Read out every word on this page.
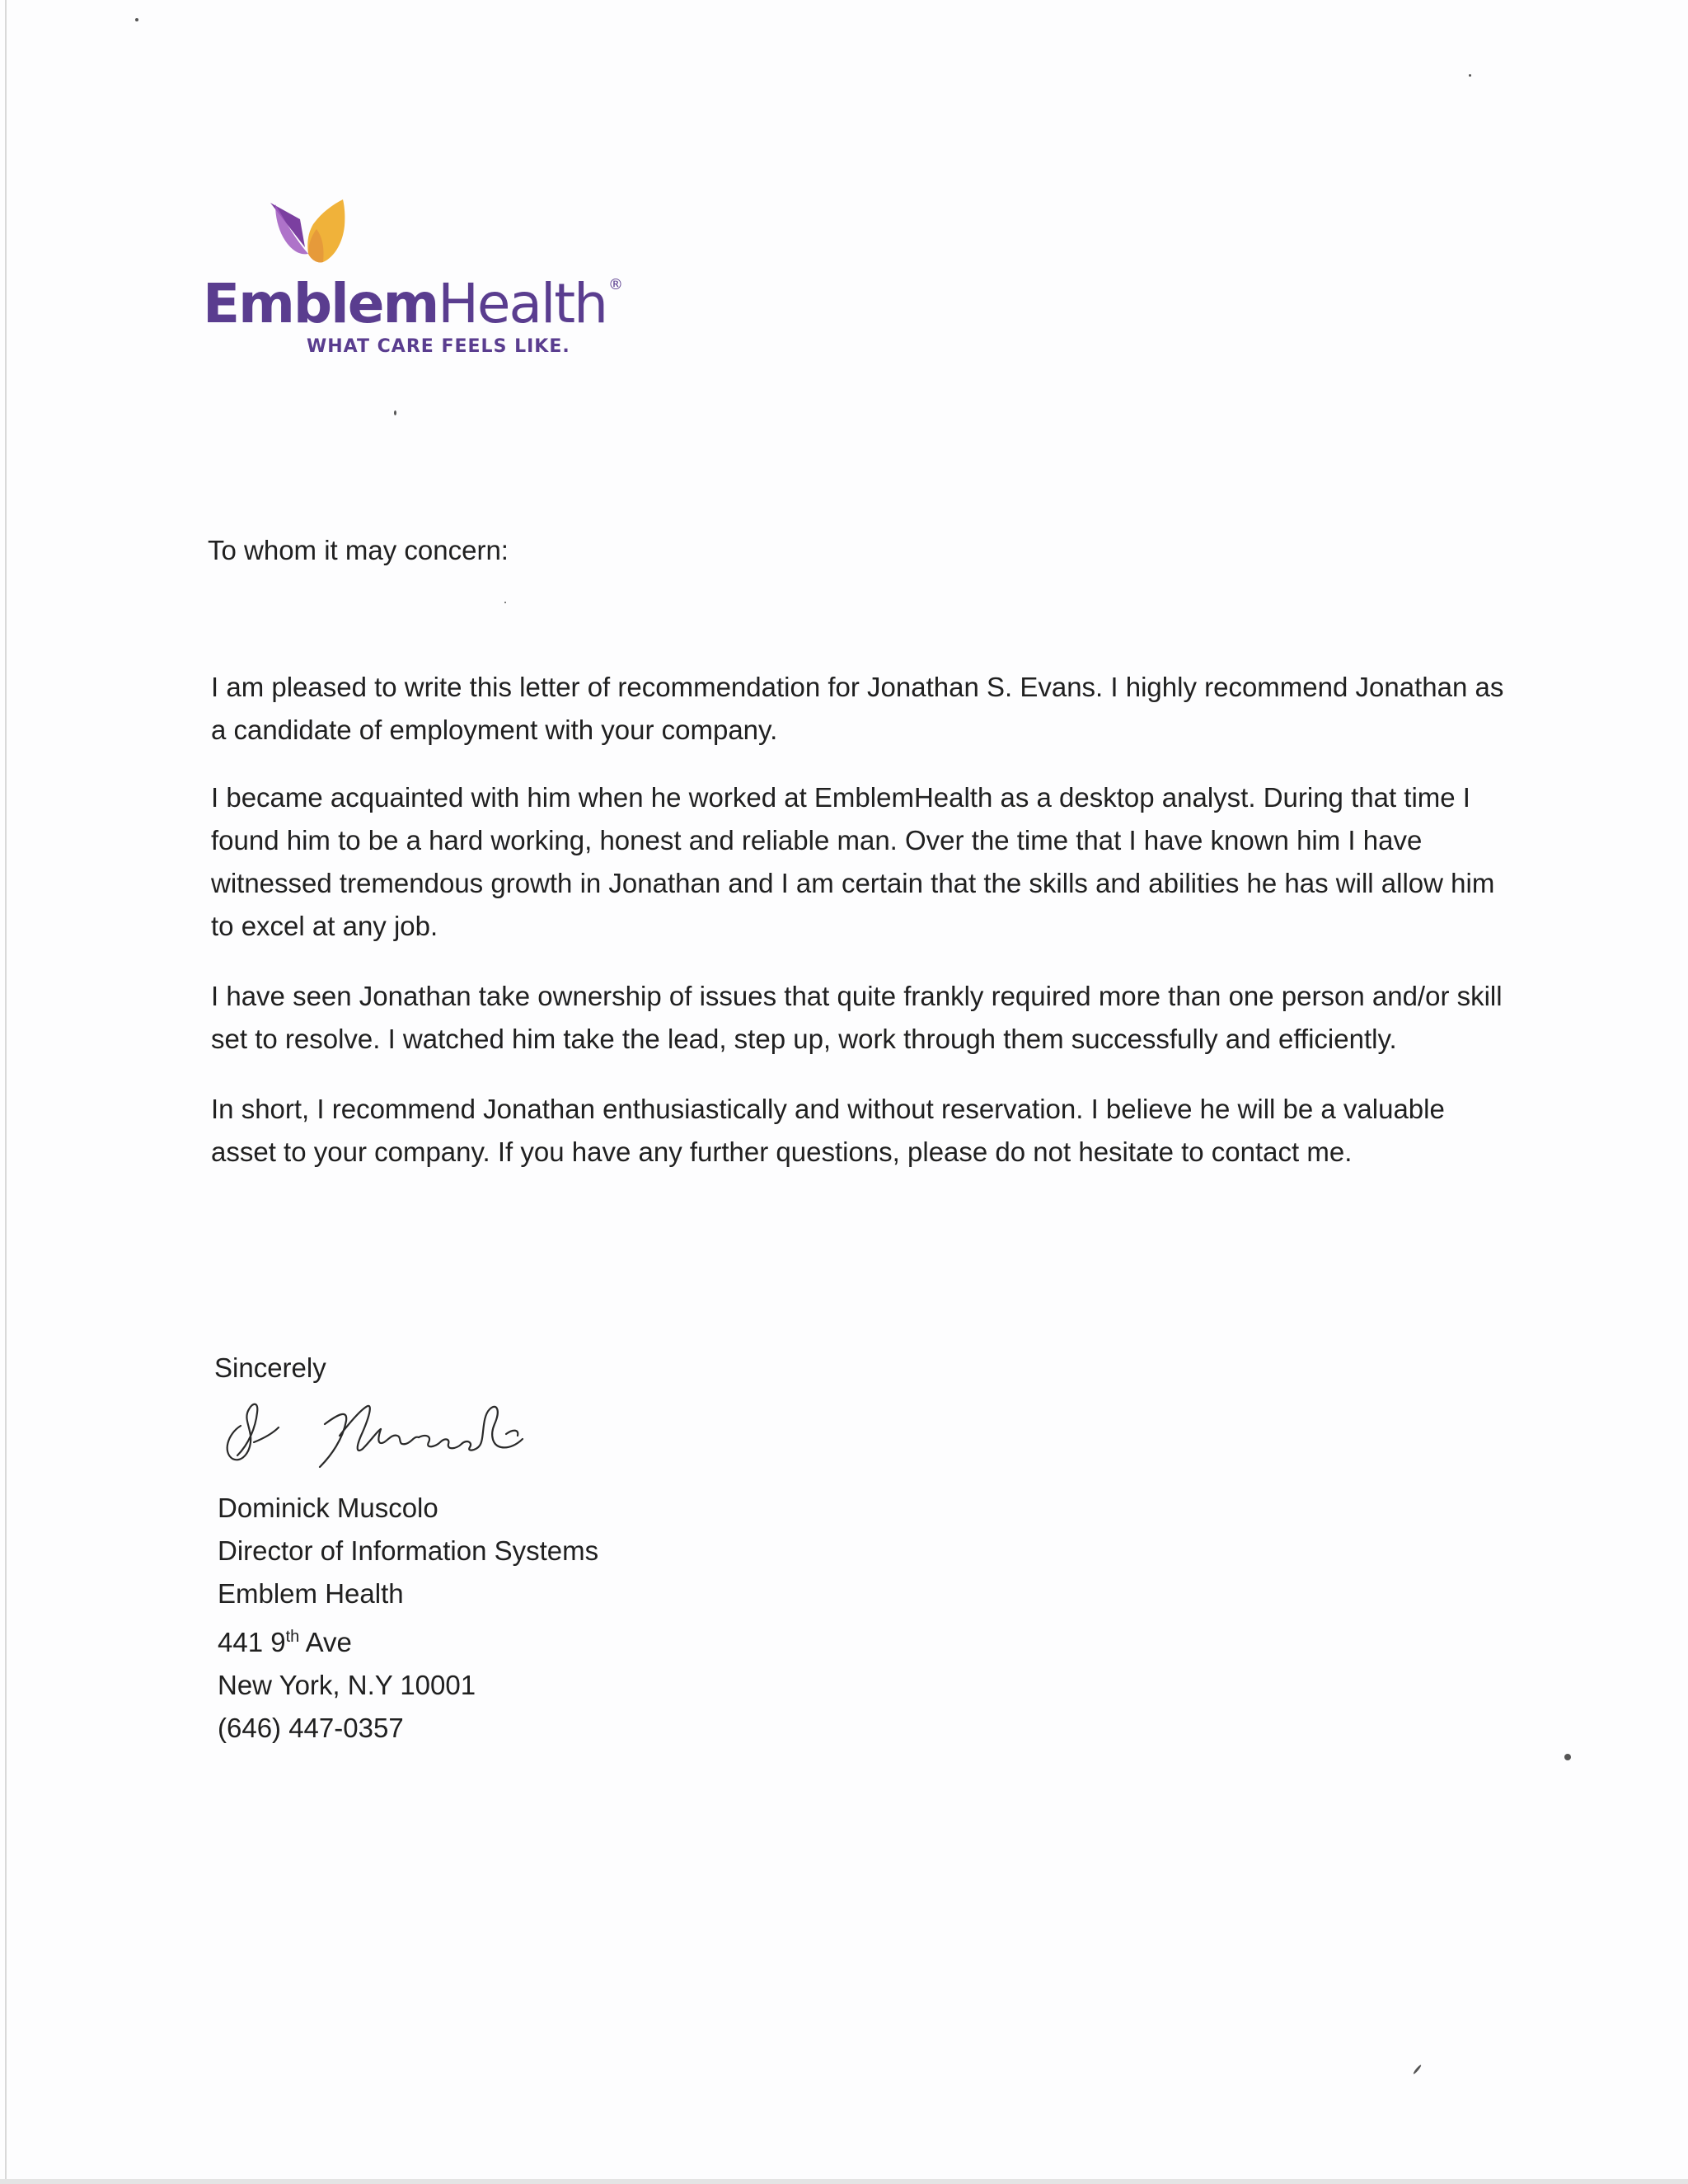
EmblemHealth ®
WHAT CARE FEELS LIKE.
To whom it may concern:
I am pleased to write this letter of recommendation for Jonathan S. Evans. I highly recommend Jonathan as a candidate of employment with your company.
I became acquainted with him when he worked at EmblemHealth as a desktop analyst. During that time I found him to be a hard working, honest and reliable man. Over the time that I have known him I have witnessed tremendous growth in Jonathan and I am certain that the skills and abilities he has will allow him to excel at any job.
I have seen Jonathan take ownership of issues that quite frankly required more than one person and/or skill set to resolve. I watched him take the lead, step up, work through them successfully and efficiently.
In short, I recommend Jonathan enthusiastically and without reservation. I believe he will be a valuable asset to your company. If you have any further questions, please do not hesitate to contact me.
Sincerely
Dominick Muscolo
Director of Information Systems
Emblem Health
441 9th Ave
New York, N.Y 10001
(646) 447-0357
